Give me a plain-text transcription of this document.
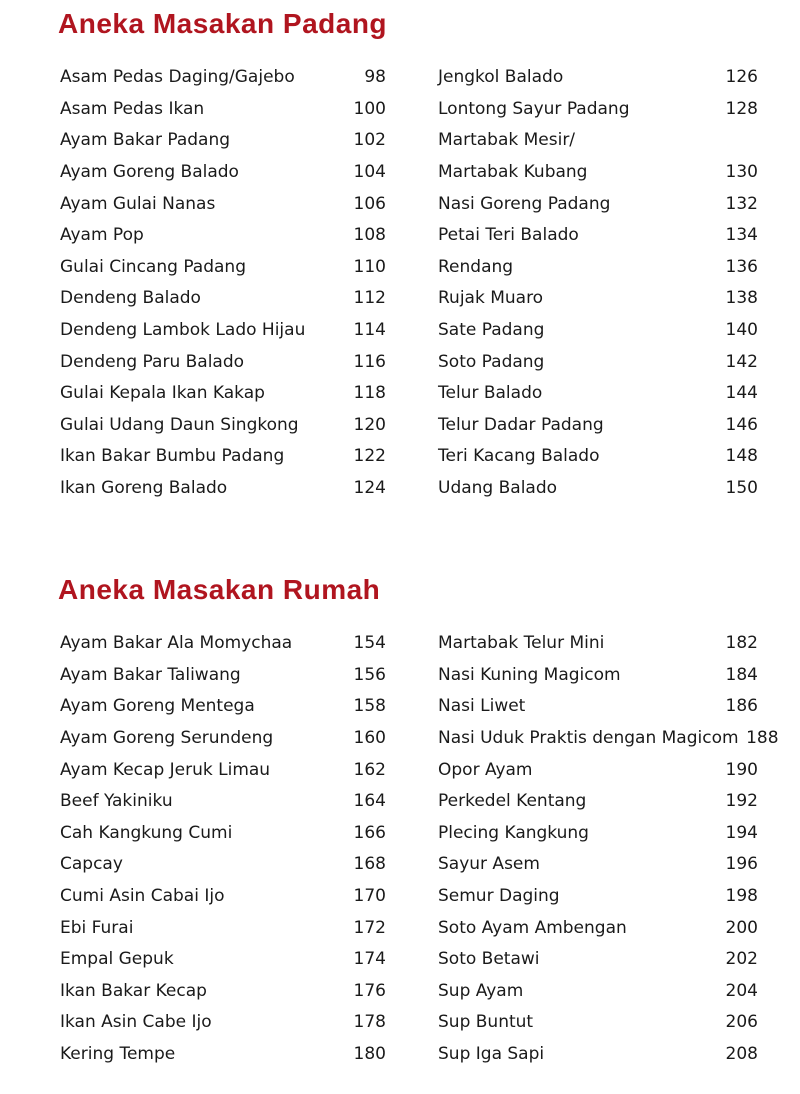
Aneka Masakan Padang
Asam Pedas Daging/Gajebo	98
Asam Pedas Ikan	100
Ayam Bakar Padang	102
Ayam Goreng Balado	104
Ayam Gulai Nanas	106
Ayam Pop	108
Gulai Cincang Padang	110
Dendeng Balado	112
Dendeng Lambok Lado Hijau	114
Dendeng Paru Balado	116
Gulai Kepala Ikan Kakap	118
Gulai Udang Daun Singkong	120
Ikan Bakar Bumbu Padang	122
Ikan Goreng Balado	124
Jengkol Balado	126
Lontong Sayur Padang	128
Martabak Mesir/
Martabak Kubang	130
Nasi Goreng Padang	132
Petai Teri Balado	134
Rendang	136
Rujak Muaro	138
Sate Padang	140
Soto Padang	142
Telur Balado	144
Telur Dadar Padang	146
Teri Kacang Balado	148
Udang Balado	150
Aneka Masakan Rumah
Ayam Bakar Ala Momychaa	154
Ayam Bakar Taliwang	156
Ayam Goreng Mentega	158
Ayam Goreng Serundeng	160
Ayam Kecap Jeruk Limau	162
Beef Yakiniku	164
Cah Kangkung Cumi	166
Capcay	168
Cumi Asin Cabai Ijo	170
Ebi Furai	172
Empal Gepuk	174
Ikan Bakar Kecap	176
Ikan Asin Cabe Ijo	178
Kering Tempe	180
Martabak Telur Mini	182
Nasi Kuning Magicom	184
Nasi Liwet	186
Nasi Uduk Praktis dengan Magicom 188
Opor Ayam	190
Perkedel Kentang	192
Plecing Kangkung	194
Sayur Asem	196
Semur Daging	198
Soto Ayam Ambengan	200
Soto Betawi	202
Sup Ayam	204
Sup Buntut	206
Sup Iga Sapi	208
